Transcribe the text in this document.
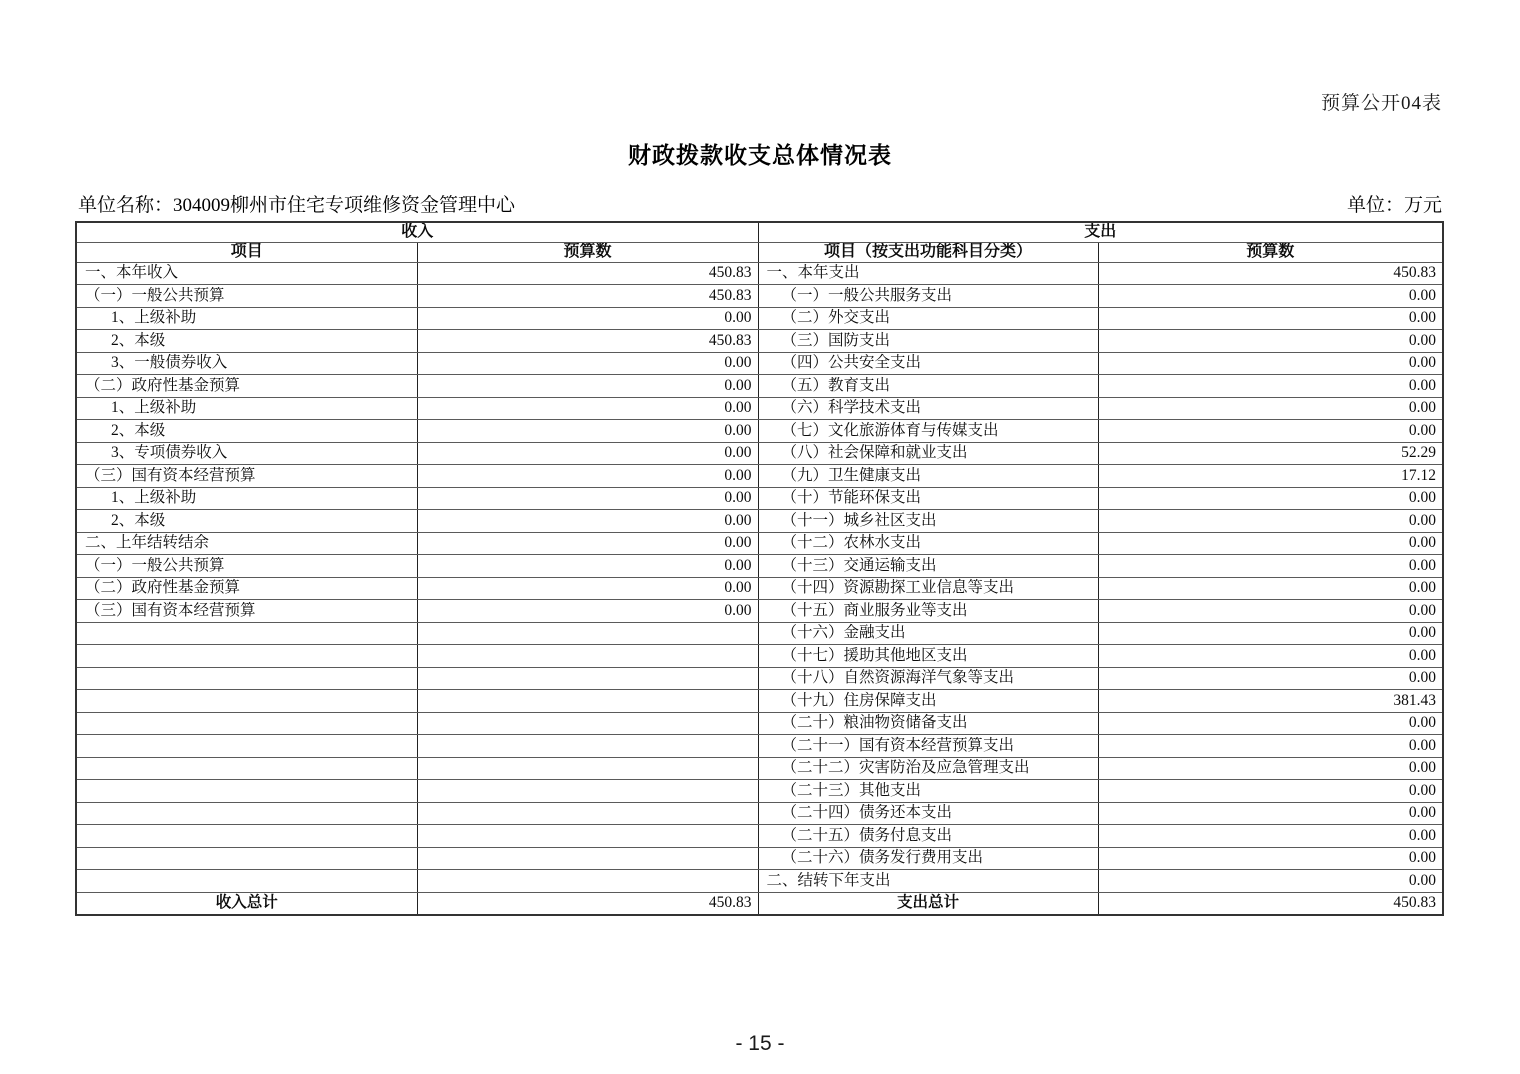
预算公开04表
财政拨款收支总体情况表
单位名称：304009柳州市住宅专项维修资金管理中心	单位：万元
收入		支出	
项目	预算数	项目（按支出功能科目分类）	预算数
一、本年收入	450.83	一、本年支出	450.83
（一）一般公共预算	450.83	（一）一般公共服务支出	0.00
1、上级补助	0.00	（二）外交支出	0.00
2、本级	450.83	（三）国防支出	0.00
3、一般债券收入	0.00	（四）公共安全支出	0.00
（二）政府性基金预算	0.00	（五）教育支出	0.00
1、上级补助	0.00	（六）科学技术支出	0.00
2、本级	0.00	（七）文化旅游体育与传媒支出	0.00
3、专项债券收入	0.00	（八）社会保障和就业支出	52.29
（三）国有资本经营预算	0.00	（九）卫生健康支出	17.12
1、上级补助	0.00	（十）节能环保支出	0.00
2、本级	0.00	（十一）城乡社区支出	0.00
二、上年结转结余	0.00	（十二）农林水支出	0.00
（一）一般公共预算	0.00	（十三）交通运输支出	0.00
（二）政府性基金预算	0.00	（十四）资源勘探工业信息等支出	0.00
（三）国有资本经营预算	0.00	（十五）商业服务业等支出	0.00
		（十六）金融支出	0.00
		（十七）援助其他地区支出	0.00
		（十八）自然资源海洋气象等支出	0.00
		（十九）住房保障支出	381.43
		（二十）粮油物资储备支出	0.00
		（二十一）国有资本经营预算支出	0.00
		（二十二）灾害防治及应急管理支出	0.00
		（二十三）其他支出	0.00
		（二十四）债务还本支出	0.00
		（二十五）债务付息支出	0.00
		（二十六）债务发行费用支出	0.00
		二、结转下年支出	0.00
收入总计	450.83	支出总计	450.83
- 15 -
